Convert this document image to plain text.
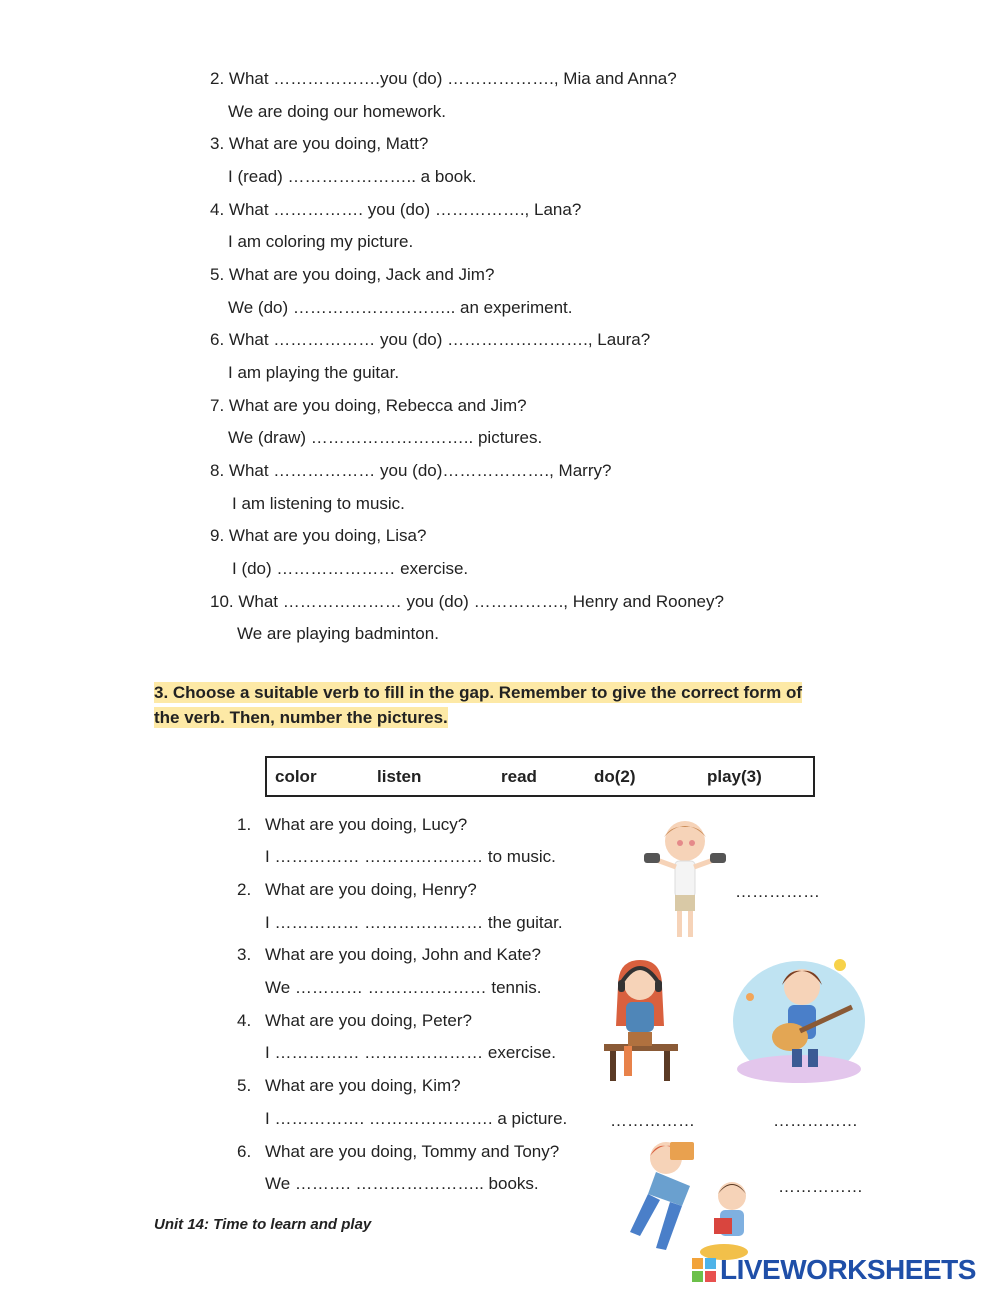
2. What ……………….you (do) ………………., Mia and Anna?
We are doing our homework.
3. What are you doing, Matt?
I (read) ………………….. a book.
4. What ……………. you (do) ……………., Lana?
I am coloring my picture.
5. What are you doing, Jack and Jim?
We (do) ……………………….. an experiment.
6. What ……………… you (do) ……………………., Laura?
I am playing the guitar.
7. What are you doing, Rebecca and Jim?
We (draw) ……………………….. pictures.
8. What ……………… you (do)………………., Marry?
I am listening to music.
9. What are you doing, Lisa?
I (do) ………………… exercise.
10. What ………………… you (do) ……………., Henry and Rooney?
We are playing badminton.
3. Choose a suitable verb to fill in the gap. Remember to give the correct form of
the verb. Then, number the pictures.
color	listen	read	do(2)	play(3)
1. What are you doing, Lucy?
I …………… ………………… to music.
2. What are you doing, Henry?
I …………… ………………… the guitar.
3. What are you doing, John and Kate?
We ………… ………………… tennis.
4. What are you doing, Peter?
I …………… ………………… exercise.
5. What are you doing, Kim?
I ……………. …………………. a picture.
6. What are you doing, Tommy and Tony?
We ………. ………………….. books.
……………
……………	……………
……………
Unit 14: Time to learn and play
LIVEWORKSHEETS
